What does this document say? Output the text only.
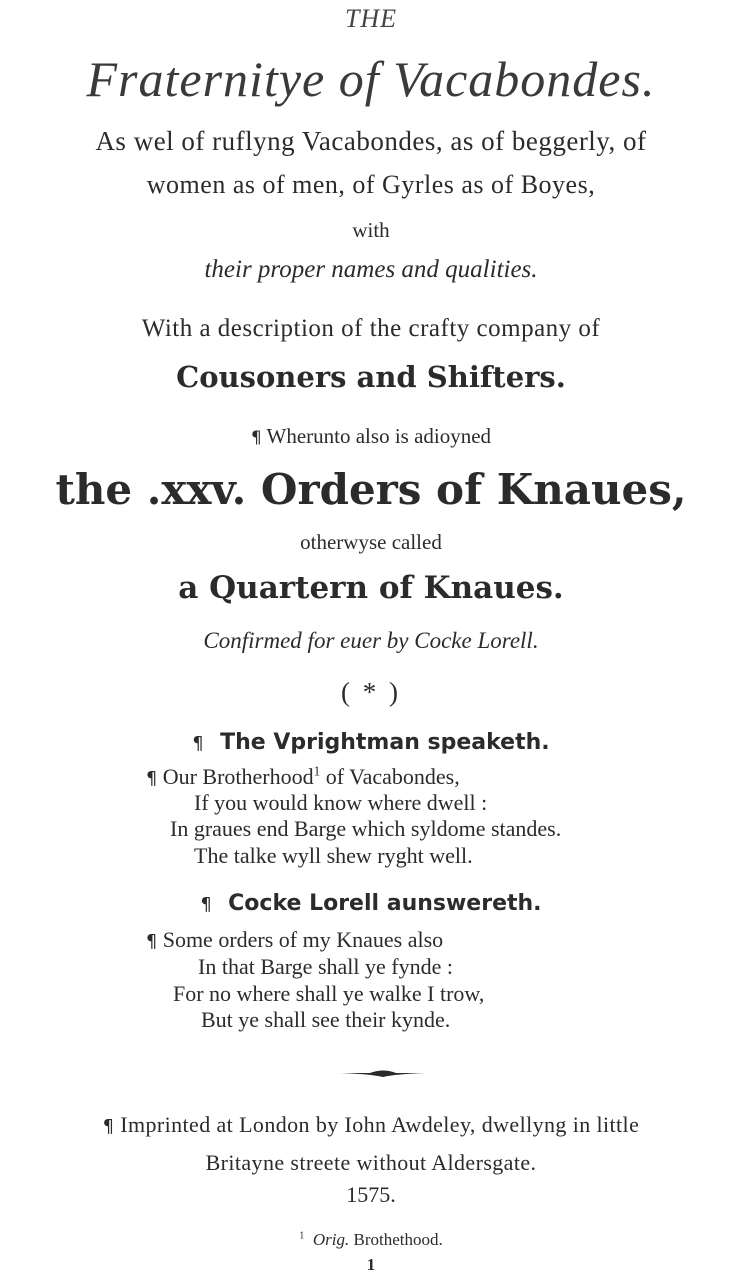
THE
Fraternitye of Vacabondes.
As wel of ruflyng Vacabondes, as of beggerly, of
women as of men, of Gyrles as of Boyes,
with
their proper names and qualities.
With a description of the crafty company of
Cousoners and Shifters.
¶ Wherunto also is adioyned
the .xxv. Orders of Knaues,
otherwyse called
a Quartern of Knaues.
Confirmed for euer by Cocke Lorell.
( * )
¶ The Vprightman speaketh.
¶ Our Brotherhood$^1$ of Vacabondes,
If you would know where dwell :
In graues end Barge which syldome standes.
The talke wyll shew ryght well.
¶ Cocke Lorell aunswereth.
¶ Some orders of my Knaues also
In that Barge shall ye fynde :
For no where shall ye walke I trow,
But ye shall see their kynde.
¶ Imprinted at London by Iohn Awdeley, dwellyng in little
Britayne streete without Aldersgate.
1575.
$^1$ Orig. Brothethood.
1
